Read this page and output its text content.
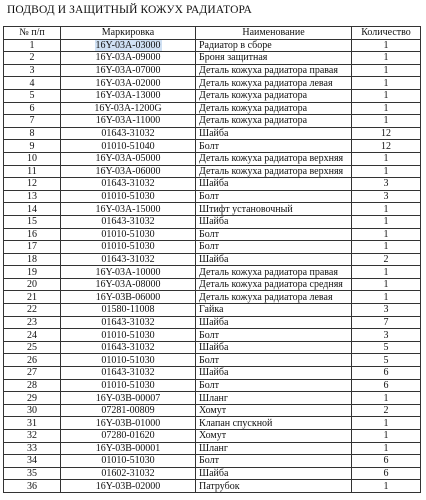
ПОДВОД И ЗАЩИТНЫЙ КОЖУХ РАДИАТОРА
№ п/п	Маркировка	Наименование	Количество
1	16Y-03A-03000	Радиатор в сборе	1
2	16Y-03A-09000	Броня защитная	1
3	16Y-03A-07000	Деталь кожуха радиатора правая	1
4	16Y-03A-02000	Деталь кожуха радиатора левая	1
5	16Y-03A-13000	Деталь кожуха радиатора	1
6	16Y-03A-1200G	Деталь кожуха радиатора	1
7	16Y-03A-11000	Деталь кожуха радиатора	1
8	01643-31032	Шайба	12
9	01010-51040	Болт	12
10	16Y-03A-05000	Деталь кожуха радиатора верхняя	1
11	16Y-03A-06000	Деталь кожуха радиатора верхняя	1
12	01643-31032	Шайба	3
13	01010-51030	Болт	3
14	16Y-03A-15000	Штифт установочный	1
15	01643-31032	Шайба	1
16	01010-51030	Болт	1
17	01010-51030	Болт	1
18	01643-31032	Шайба	2
19	16Y-03A-10000	Деталь кожуха радиатора правая	1
20	16Y-03A-08000	Деталь кожуха радиатора средняя	1
21	16Y-03B-06000	Деталь кожуха радиатора левая	1
22	01580-11008	Гайка	3
23	01643-31032	Шайба	7
24	01010-51030	Болт	3
25	01643-31032	Шайба	5
26	01010-51030	Болт	5
27	01643-31032	Шайба	6
28	01010-51030	Болт	6
29	16Y-03B-00007	Шланг	1
30	07281-00809	Хомут	2
31	16Y-03B-01000	Клапан спускной	1
32	07280-01620	Хомут	1
33	16Y-03B-00001	Шланг	1
34	01010-51030	Болт	6
35	01602-31032	Шайба	6
36	16Y-03B-02000	Патрубок	1
